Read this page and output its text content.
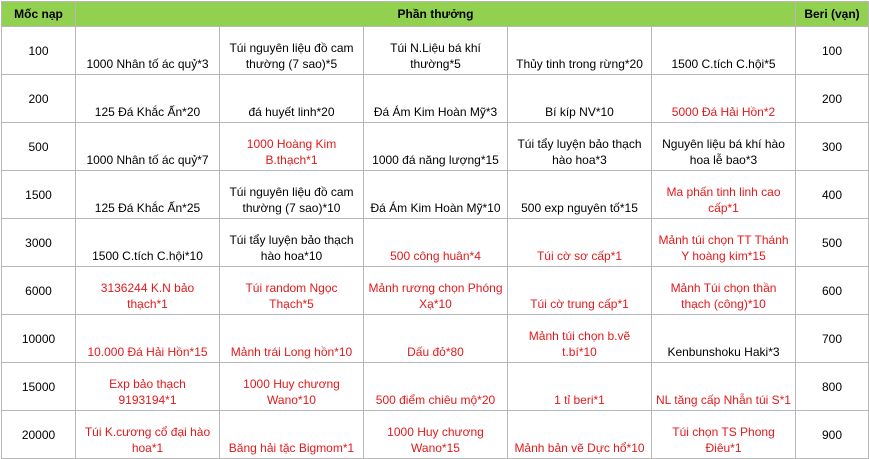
Mốc nạp	Phần thưởng					Beri (vạn)
100	1000 Nhân tố ác quỷ*3	Túi nguyên liệu đồ cam thường (7 sao)*5	Túi N.Liệu bá khí thường*5	Thủy tinh trong rừng*20	1500 C.tích C.hội*5	100
200	125 Đá Khắc Ấn*20	đá huyết linh*20	Đá Ám Kim Hoàn Mỹ*3	Bí kíp NV*10	5000 Đá Hải Hồn*2	200
500	1000 Nhân tố ác quỷ*7	1000 Hoàng Kim B.thạch*1	1000 đá năng lượng*15	Túi tẩy luyện bảo thạch hào hoa*3	Nguyên liệu bá khí hào hoa lễ bao*3	300
1500	125 Đá Khắc Ấn*25	Túi nguyên liệu đồ cam thường (7 sao)*10	Đá Ám Kim Hoàn Mỹ*10	500 exp nguyên tố*15	Ma phấn tinh linh cao cấp*1	400
3000	1500 C.tích C.hội*10	Túi tẩy luyện bảo thạch hào hoa*10	500 công huân*4	Túi cờ sơ cấp*1	Mảnh túi chọn TT Thánh Y hoàng kim*15	500
6000	3136244 K.N bảo thạch*1	Túi random Ngọc Thạch*5	Mảnh rương chọn Phóng Xạ*10	Túi cờ trung cấp*1	Mảnh Túi chọn thần thạch (công)*10	600
10000	10.000 Đá Hải Hồn*15	Mảnh trái Long hồn*10	Dấu đỏ*80	Mảnh túi chọn b.vẽ t.bí*10	Kenbunshoku Haki*3	700
15000	Exp bảo thạch 9193194*1	1000 Huy chương Wano*10	500 điểm chiêu mộ*20	1 tỉ beri*1	NL tăng cấp Nhẫn túi S*1	800
20000	Túi K.cương cổ đại hào hoa*1	Băng hải tặc Bigmom*1	1000 Huy chương Wano*15	Mảnh bản vẽ Dực hổ*10	Túi chọn TS Phong Điêu*1	900
